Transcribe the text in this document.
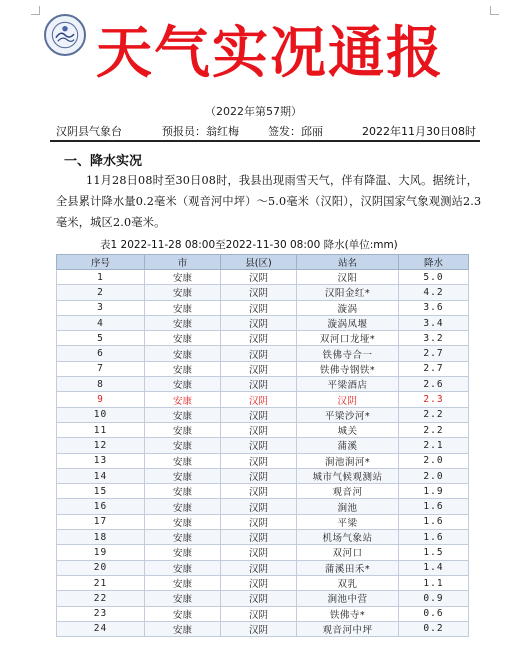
天气实况通报
（2022年第57期）
汉阴县气象台	预报员：翁红梅	签发：邱丽	2022年11月30日08时
一、降水实况
11月28日08时至30日08时，我县出现雨雪天气，伴有降温、大风。据统计，全县累计降水量0.2毫米（观音河中坪）～5.0毫米（汉阳），汉阴国家气象观测站2.3毫米，城区2.0毫米。
表1 2022-11-28 08:00至2022-11-30 08:00 降水(单位:mm)
序号	市	县(区)	站名	降水
1	安康	汉阴	汉阳	5.0
2	安康	汉阴	汉阳金红*	4.2
3	安康	汉阴	漩涡	3.6
4	安康	汉阴	漩涡凤堰	3.4
5	安康	汉阴	双河口龙垭*	3.2
6	安康	汉阴	铁佛寺合一	2.7
7	安康	汉阴	铁佛寺钢铁*	2.7
8	安康	汉阴	平梁酒店	2.6
9	安康	汉阴	汉阴	2.3
10	安康	汉阴	平梁沙河*	2.2
11	安康	汉阴	城关	2.2
12	安康	汉阴	蒲溪	2.1
13	安康	汉阴	涧池涧河*	2.0
14	安康	汉阴	城市气候观测站	2.0
15	安康	汉阴	观音河	1.9
16	安康	汉阴	涧池	1.6
17	安康	汉阴	平梁	1.6
18	安康	汉阴	机场气象站	1.6
19	安康	汉阴	双河口	1.5
20	安康	汉阴	蒲溪田禾*	1.4
21	安康	汉阴	双乳	1.1
22	安康	汉阴	涧池中营	0.9
23	安康	汉阴	铁佛寺*	0.6
24	安康	汉阴	观音河中坪	0.2
